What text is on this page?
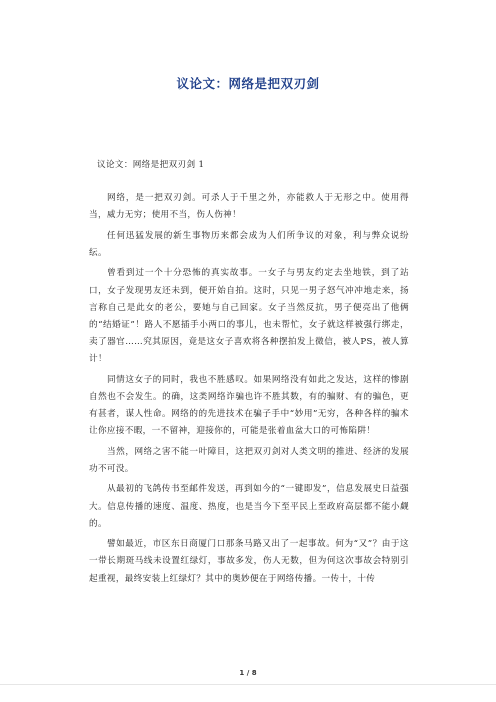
议论文：网络是把双刃剑

议论文：网络是把双刃剑 1

网络，是一把双刃剑。可杀人于千里之外，亦能救人于无形之中。使用得当，威力无穷；使用不当，伤人伤神！

任何迅猛发展的新生事物历来都会成为人们所争议的对象，利与弊众说纷纭。

曾看到过一个十分恐怖的真实故事。一女子与男友约定去坐地铁，到了站口，女子发现男友还未到，便开始自拍。这时，只见一男子怒气冲冲地走来，扬言称自己是此女的老公，要她与自己回家。女子当然反抗，男子便亮出了他俩的“结婚证”！路人不愿插手小两口的事儿，也未帮忙，女子就这样被强行绑走，卖了器官……究其原因，竟是这女子喜欢将各种摆拍发上微信，被人PS，被人算计！

同情这女子的同时，我也不胜感叹。如果网络没有如此之发达，这样的惨剧自然也不会发生。的确，这类网络诈骗也许不胜其数，有的骗财、有的骗色，更有甚者，谋人性命。网络的的先进技术在骗子手中“妙用”无穷，各种各样的骗术让你应接不暇，一不留神，迎接你的，可能是张着血盆大口的可怖陷阱！

当然，网络之害不能一叶障目，这把双刃剑对人类文明的推进、经济的发展功不可没。

从最初的飞鸽传书至邮件发送，再到如今的“一键即发”，信息发展史日益强大。信息传播的速度、温度、热度，也是当今下至平民上至政府高层都不能小觑的。

譬如最近，市区东日商厦门口那条马路又出了一起事故。何为“又”？由于这一带长期斑马线未设置红绿灯，事故多发，伤人无数，但为何这次事故会特别引起重视，最终安装上红绿灯？其中的奥妙便在于网络传播。一传十，十传

1 / 8
